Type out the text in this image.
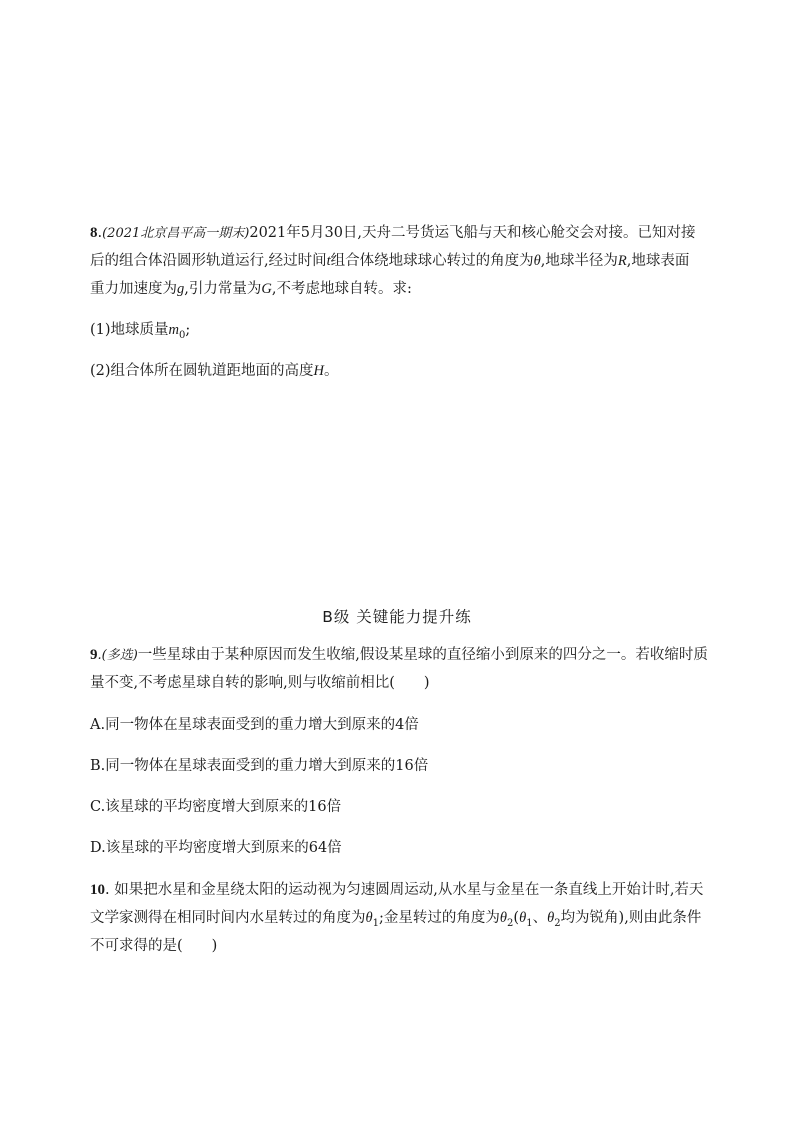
8.(2021北京昌平高一期末)2021年5月30日,天舟二号货运飞船与天和核心舱交会对接。已知对接
后的组合体沿圆形轨道运行,经过时间t组合体绕地球球心转过的角度为θ,地球半径为R,地球表面
重力加速度为g,引力常量为G,不考虑地球自转。求:
(1)地球质量$m_0$;
(2)组合体所在圆轨道距地面的高度H。
B级 关键能力提升练
9.(多选)一些星球由于某种原因而发生收缩,假设某星球的直径缩小到原来的四分之一。若收缩时质
量不变,不考虑星球自转的影响,则与收缩前相比(　　)
A.同一物体在星球表面受到的重力增大到原来的4倍
B.同一物体在星球表面受到的重力增大到原来的16倍
C.该星球的平均密度增大到原来的16倍
D.该星球的平均密度增大到原来的64倍
10. 如果把水星和金星绕太阳的运动视为匀速圆周运动,从水星与金星在一条直线上开始计时,若天
文学家测得在相同时间内水星转过的角度为$\theta_1$;金星转过的角度为$\theta_2(\theta_1$、$\theta_2$均为锐角),则由此条件
不可求得的是(　　)
